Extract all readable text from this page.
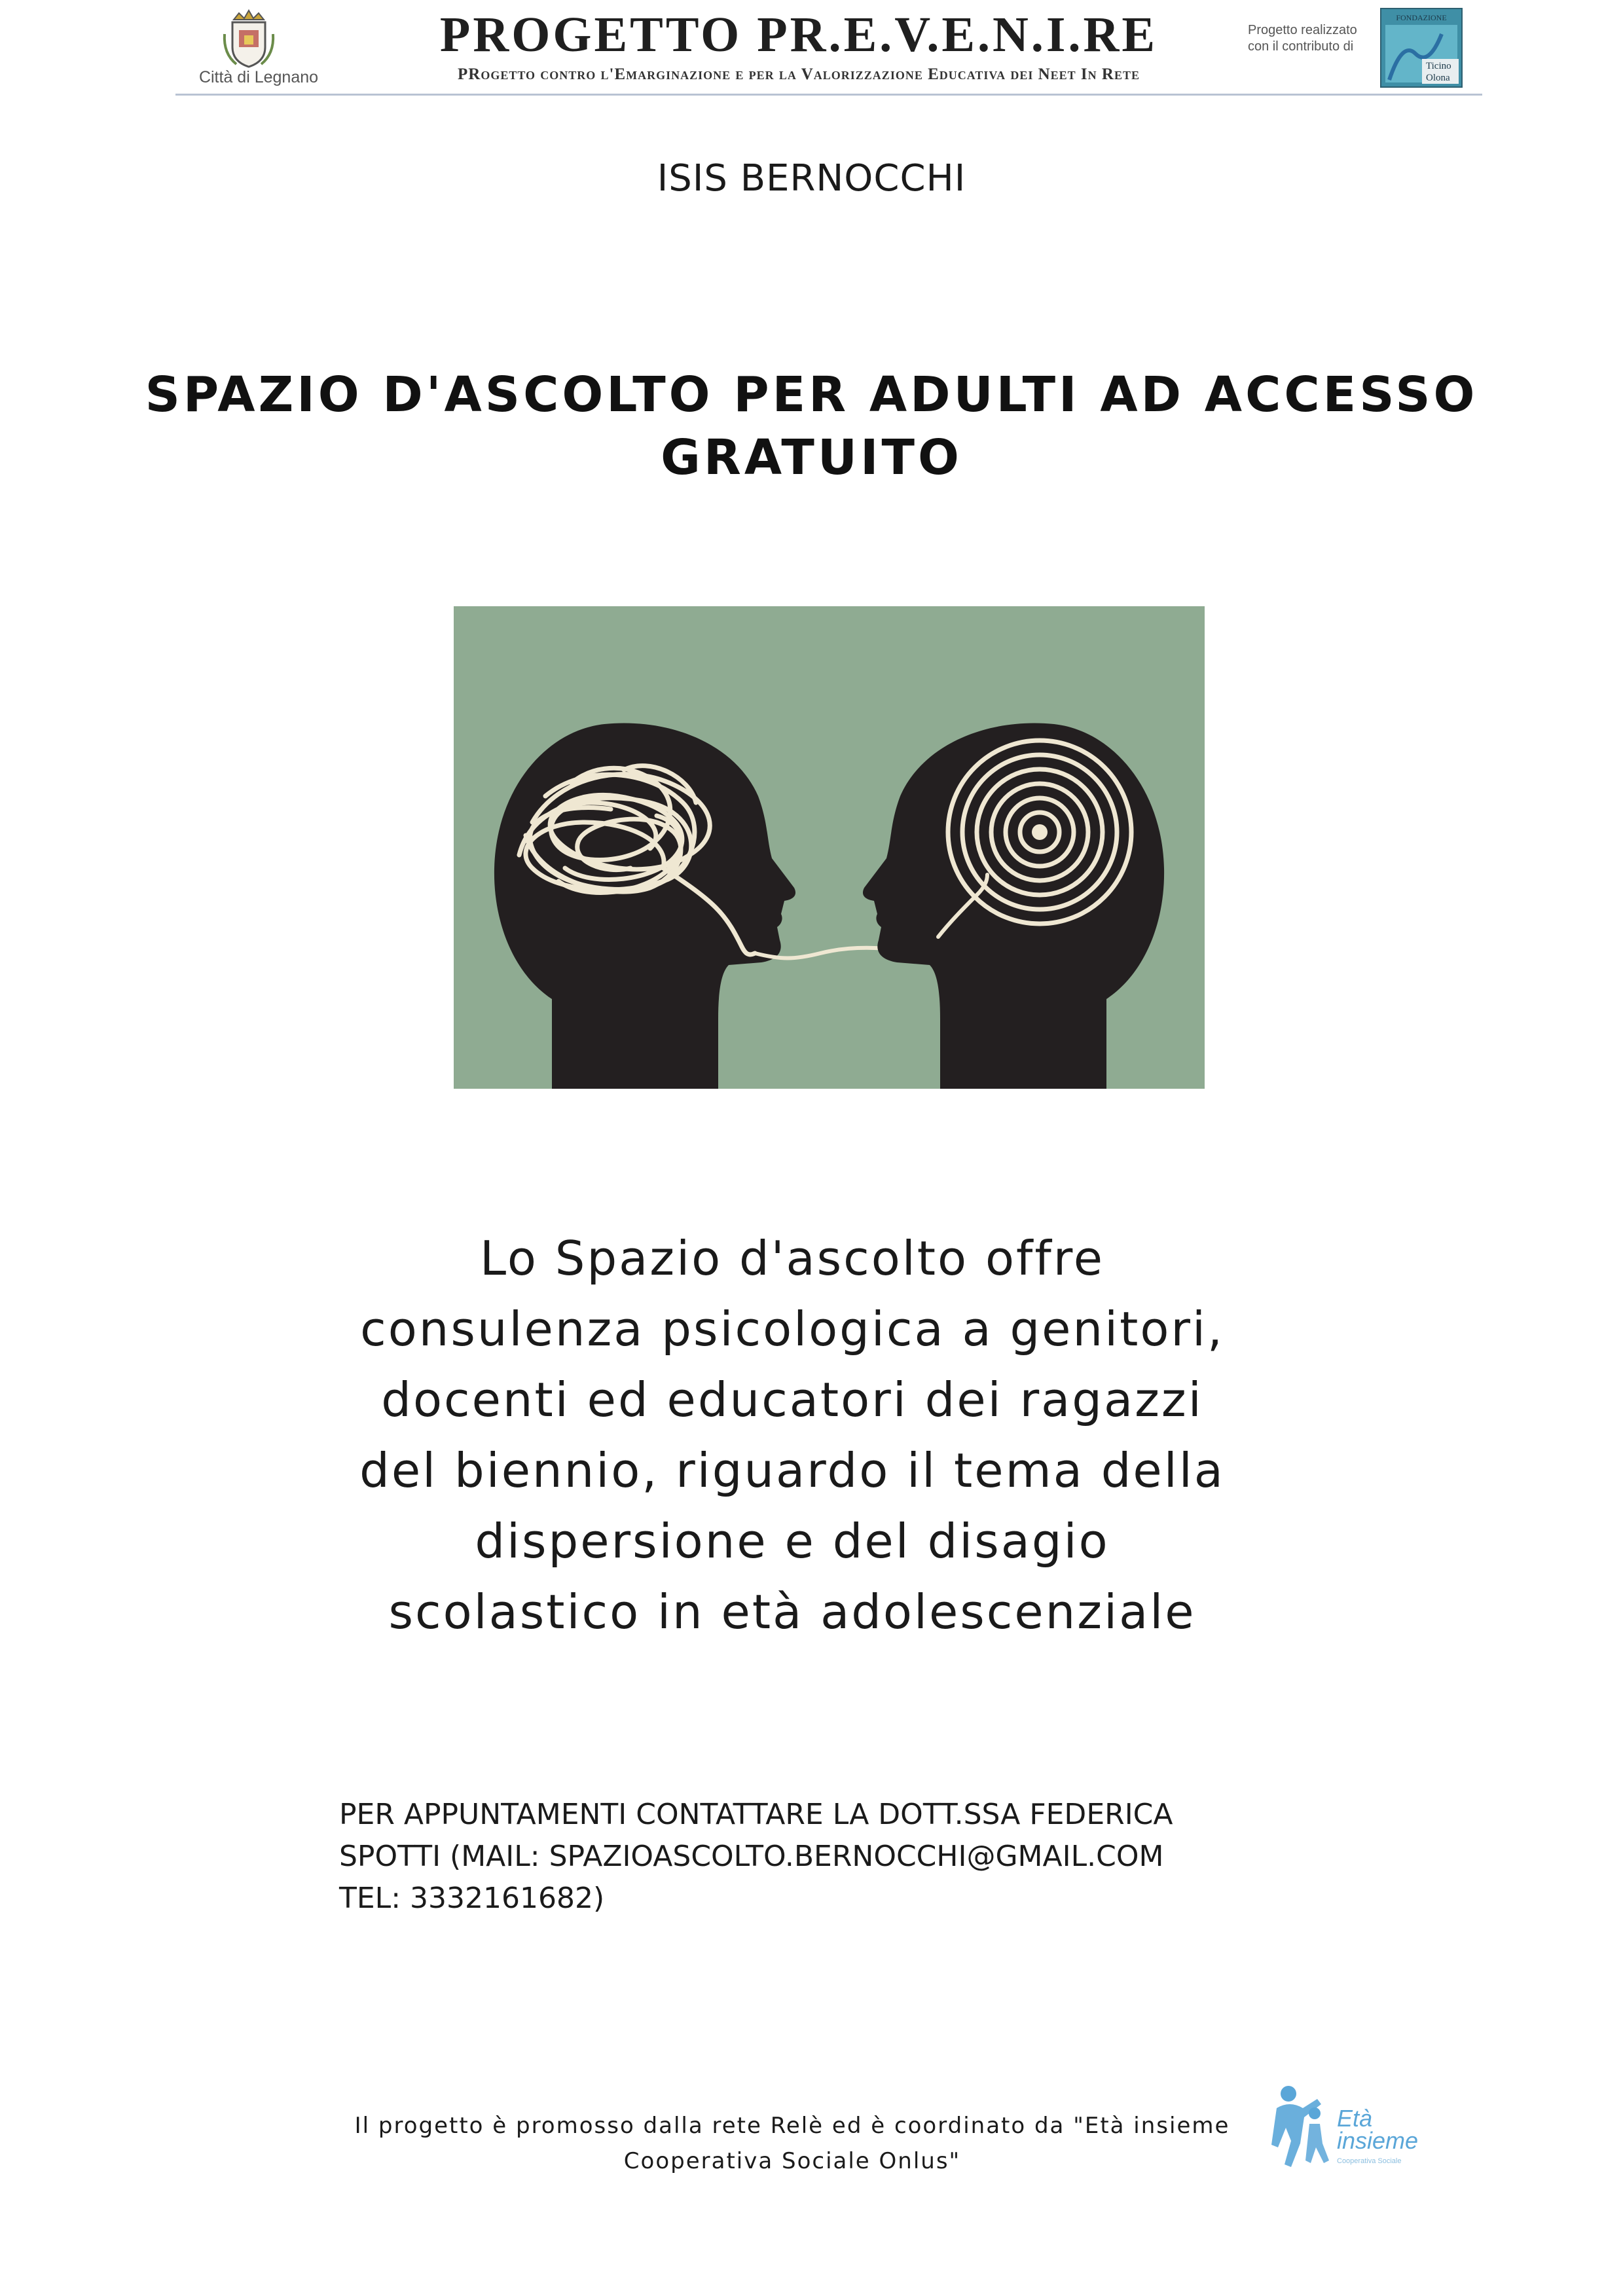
Città di Legnano
PROGETTO PR.E.V.E.N.I.RE
PRogetto contro l'Emarginazione e per la Valorizzazione Educativa dei Neet In Rete
Progetto realizzato
con il contributo di
FONDAZIONE
Ticino Olona
ISIS BERNOCCHI
SPAZIO D'ASCOLTO PER ADULTI AD ACCESSO GRATUITO
Lo Spazio d'ascolto offre
consulenza psicologica a genitori,
docenti ed educatori dei ragazzi
del biennio, riguardo il tema della
dispersione e del disagio
scolastico in età adolescenziale
PER APPUNTAMENTI CONTATTARE LA DOTT.SSA FEDERICA
SPOTTI (MAIL: SPAZIOASCOLTO.BERNOCCHI@GMAIL.COM
TEL: 3332161682)
Età
insieme
Cooperativa Sociale
Il progetto è promosso dalla rete Relè ed è coordinato da "Età insieme
Cooperativa Sociale Onlus"
